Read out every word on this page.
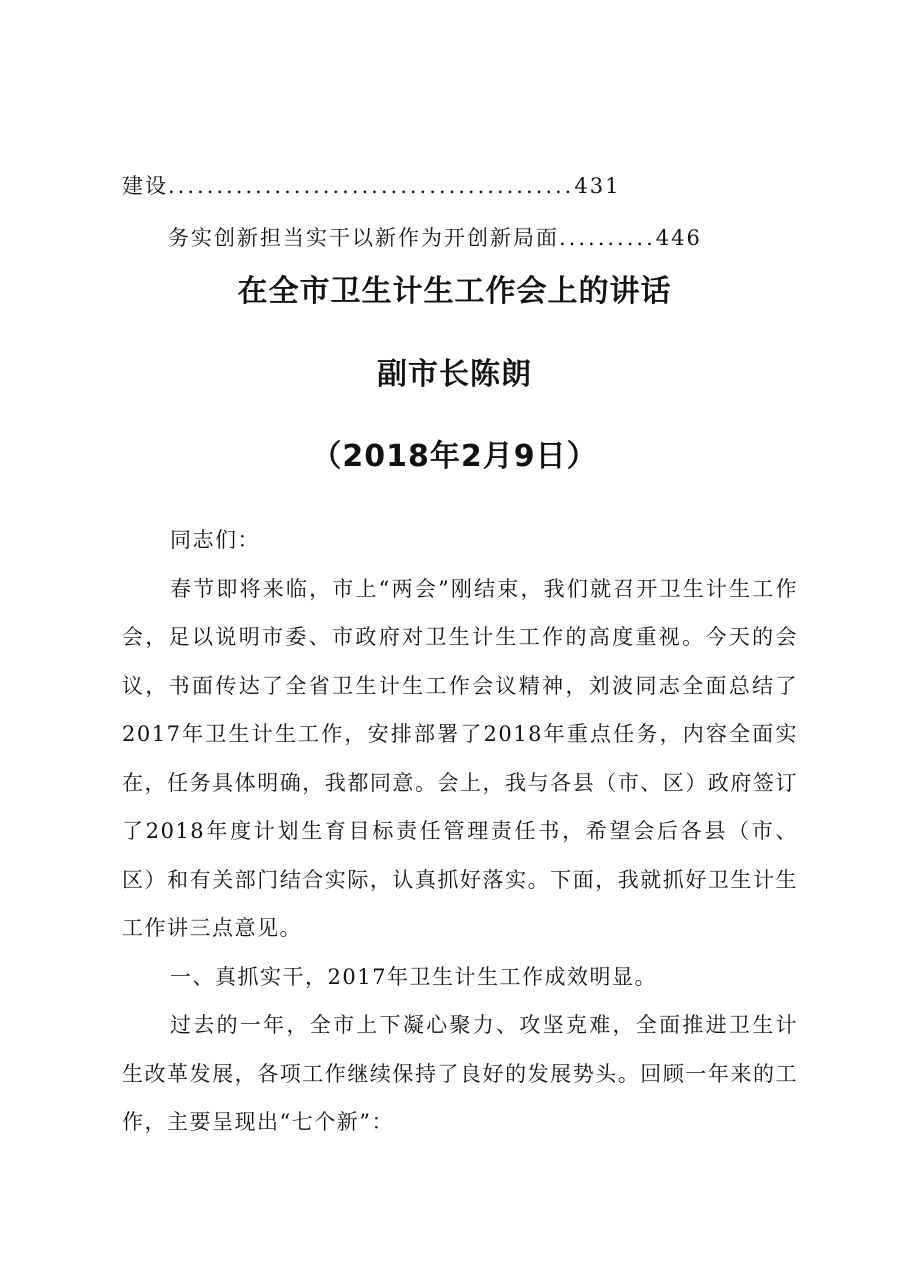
建设..........................................431
务实创新担当实干以新作为开创新局面..........446
在全市卫生计生工作会上的讲话
副市长陈朗
（2018年2月9日）

同志们：

春节即将来临，市上“两会”刚结束，我们就召开卫生计生工作会，足以说明市委、市政府对卫生计生工作的高度重视。今天的会议，书面传达了全省卫生计生工作会议精神，刘波同志全面总结了2017年卫生计生工作，安排部署了2018年重点任务，内容全面实在，任务具体明确，我都同意。会上，我与各县（市、区）政府签订了2018年度计划生育目标责任管理责任书，希望会后各县（市、区）和有关部门结合实际，认真抓好落实。下面，我就抓好卫生计生工作讲三点意见。

一、真抓实干，2017年卫生计生工作成效明显。

过去的一年，全市上下凝心聚力、攻坚克难，全面推进卫生计生改革发展，各项工作继续保持了良好的发展势头。回顾一年来的工作，主要呈现出“七个新”：
